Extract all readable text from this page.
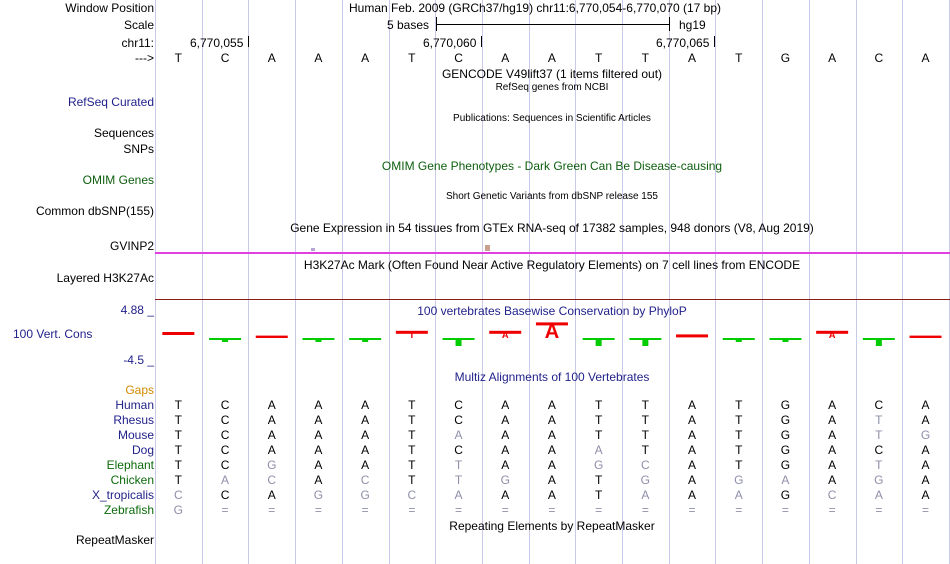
Window Position	Human Feb. 2009 (GRCh37/hg19) chr11:6,770,054-6,770,070 (17 bp)
Scale	5 bases	hg19
chr11:	6,770,055	6,770,060	6,770,065
--->	T	C	A	A	A	T	C	A	A	T	T	A	T	G	A	C	A
GENCODE V49lift37 (1 items filtered out)
RefSeq genes from NCBI
RefSeq Curated
Publications: Sequences in Scientific Articles
Sequences
SNPs
OMIM Gene Phenotypes - Dark Green Can Be Disease-causing
OMIM Genes
Short Genetic Variants from dbSNP release 155
Common dbSNP(155)
Gene Expression in 54 tissues from GTEx RNA-seq of 17382 samples, 948 donors (V8, Aug 2019)
GVINP2
H3K27Ac Mark (Often Found Near Active Regulatory Elements) on 7 cell lines from ENCODE
Layered H3K27Ac
100 vertebrates Basewise Conservation by PhyloP
4.88 _
100 Vert. Cons
-4.5 _
T	A A	A
Multiz Alignments of 100 Vertebrates
Gaps
Human	T	C	A	A	A	T	C	A	A	T	T	A	T	G	A	C	A
Rhesus	T	C	A	A	A	T	C	A	A	T	T	A	T	G	A	T	A
Mouse	T	C	A	A	A	T	A	A	A	T	T	A	T	G	A	T	G
Dog	T	C	A	A	A	T	C	A	A	A	T	A	T	G	A	C	A
Elephant	T	C	G	A	A	T	T	A	A	G	C	A	T	G	A	T	A
Chicken	T	A	C	A	C	T	T	G	A	T	G	A	G	A	A	G	A
X_tropicalis	C	C	A	G	G	C	A	A	A	T	A	A	A	G	C	A	A
Zebrafish	G	=	=	=	=	=	=	=	=	=	=	=	=	=	=	=	=
Repeating Elements by RepeatMasker
RepeatMasker
